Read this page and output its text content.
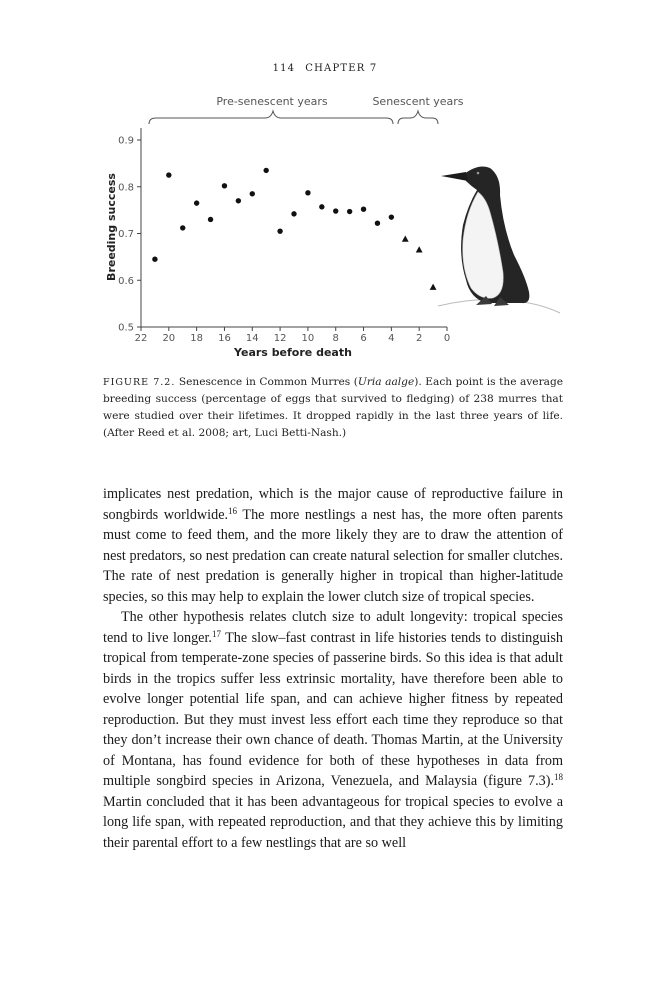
114 CHAPTER 7
Pre-senescent years	Senescent years
0.5
0.6
0.7
0.8
0.9
22 20 18 16 14 12 10 8 6 4 2 0
Breeding success
Years before death
FIGURE 7.2. Senescence in Common Murres (Uria aalge). Each point is the average breeding success (percentage of eggs that survived to fledging) of 238 murres that were studied over their lifetimes. It dropped rapidly in the last three years of life. (After Reed et al. 2008; art, Luci Betti-Nash.)

implicates nest predation, which is the major cause of reproductive failure in songbirds worldwide.$^{16}$ The more nestlings a nest has, the more often parents must come to feed them, and the more likely they are to draw the attention of nest predators, so nest predation can create natural selection for smaller clutches. The rate of nest predation is generally higher in tropical than higher-latitude species, so this may help to explain the lower clutch size of tropical species.

The other hypothesis relates clutch size to adult longevity: tropical species tend to live longer.$^{17}$ The slow–fast contrast in life histories tends to distinguish tropical from temperate-zone species of passerine birds. So this idea is that adult birds in the tropics suffer less extrinsic mortality, have therefore been able to evolve longer potential life span, and can achieve higher fitness by repeated reproduction. But they must invest less effort each time they reproduce so that they don’t increase their own chance of death. Thomas Martin, at the University of Montana, has found evidence for both of these hypotheses in data from multiple songbird species in Arizona, Venezuela, and Malaysia (figure 7.3).$^{18}$ Martin concluded that it has been advantageous for tropical species to evolve a long life span, with repeated reproduction, and that they achieve this by limiting their parental effort to a few nestlings that are so well
